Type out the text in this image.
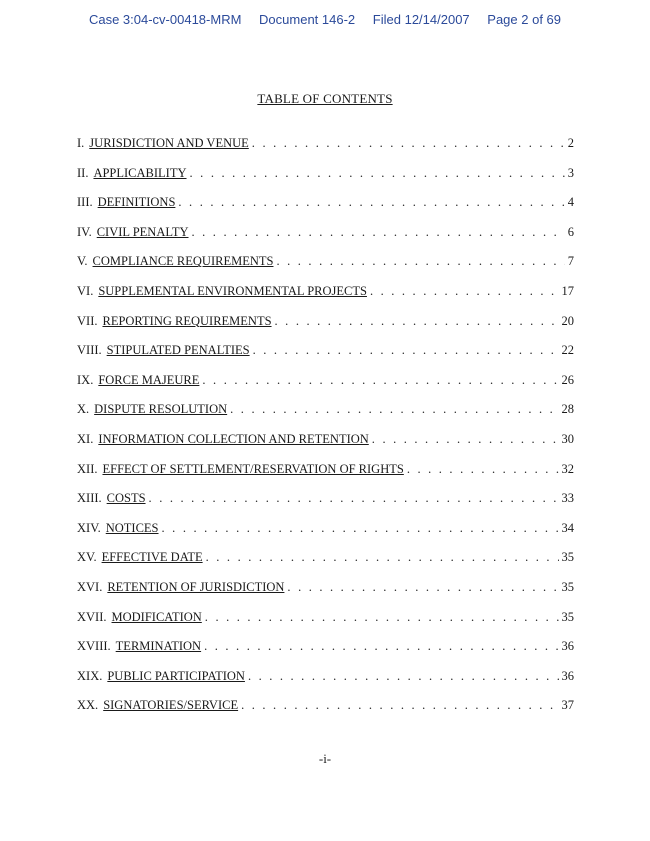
Case 3:04-cv-00418-MRM Document 146-2 Filed 12/14/2007 Page 2 of 69
TABLE OF CONTENTS
I. JURISDICTION AND VENUE . . .	2
II. APPLICABILITY . . .	3
III. DEFINITIONS . . .	4
IV. CIVIL PENALTY . . .	6
V. COMPLIANCE REQUIREMENTS . . .	7
VI. SUPPLEMENTAL ENVIRONMENTAL PROJECTS . . .	17
VII. REPORTING REQUIREMENTS . . .	20
VIII. STIPULATED PENALTIES . . .	22
IX. FORCE MAJEURE . . .	26
X. DISPUTE RESOLUTION . . .	28
XI. INFORMATION COLLECTION AND RETENTION . . .	30
XII. EFFECT OF SETTLEMENT/RESERVATION OF RIGHTS . . .	32
XIII. COSTS . . .	33
XIV. NOTICES . . .	34
XV. EFFECTIVE DATE . . .	35
XVI. RETENTION OF JURISDICTION . . .	35
XVII. MODIFICATION . . .	35
XVIII. TERMINATION . . .	36
XIX. PUBLIC PARTICIPATION . . .	36
XX. SIGNATORIES/SERVICE . . .	37
-i-
